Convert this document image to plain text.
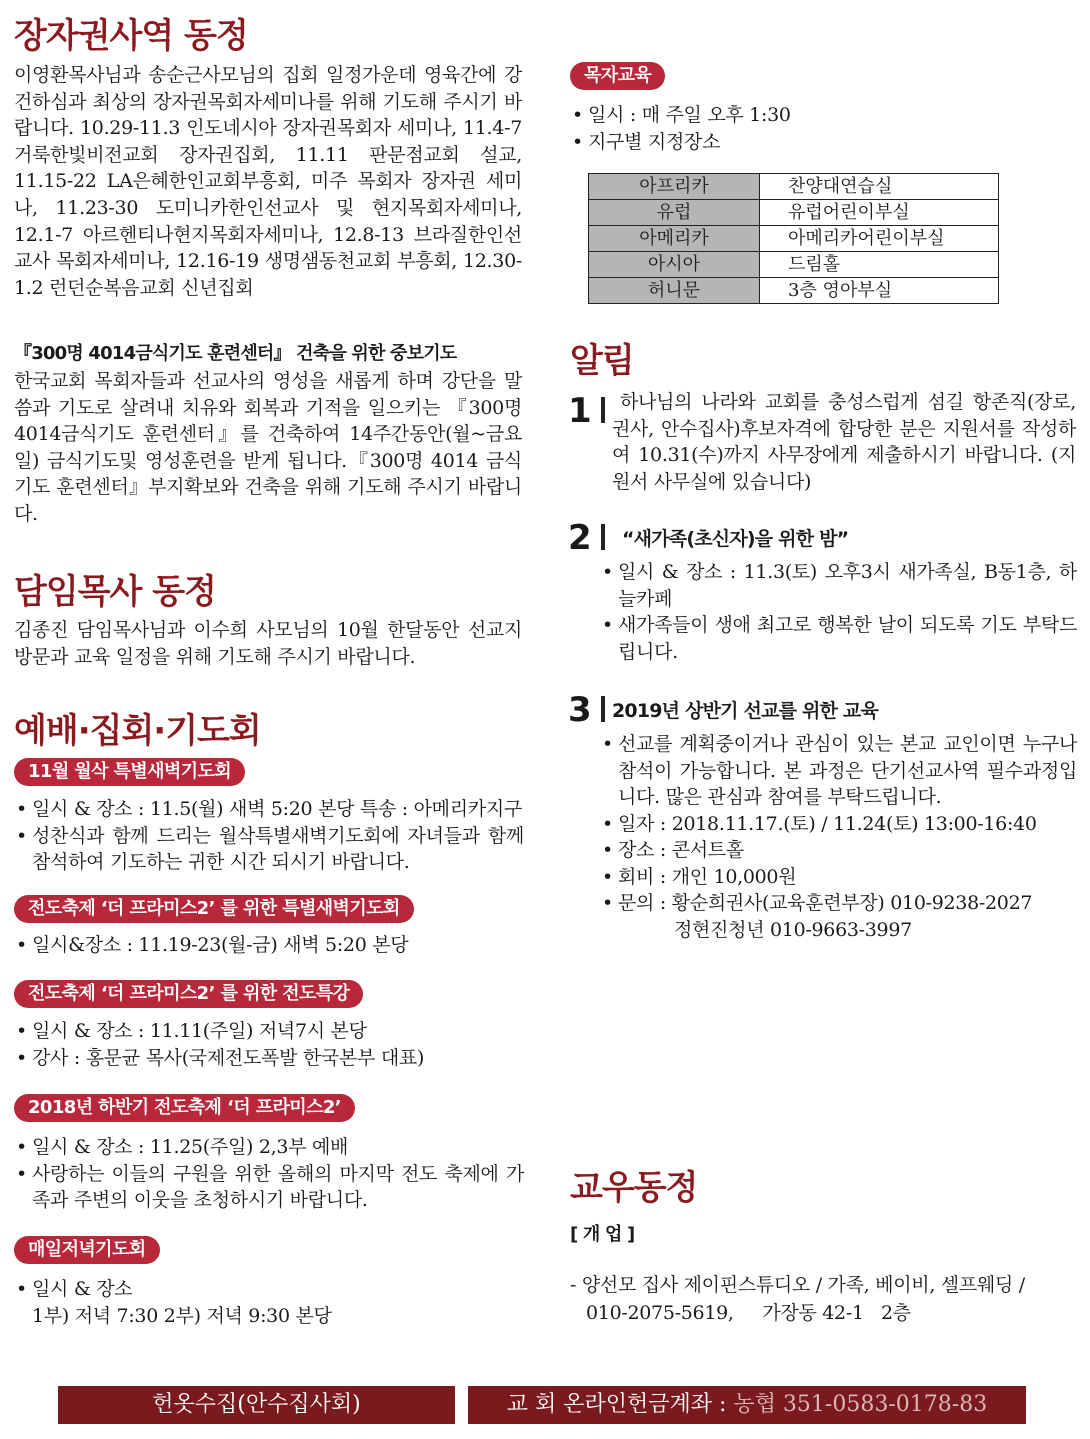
장자권사역 동정
이영환목사님과 송순근사모님의 집회 일정가운데 영육간에 강건하심과 최상의 장자권목회자세미나를 위해 기도해 주시기 바랍니다. 10.29-11.3 인도네시아 장자권목회자 세미나, 11.4-7 거룩한빛비전교회 장자권집회, 11.11 판문점교회 설교, 11.15-22 LA은혜한인교회부흥회, 미주 목회자 장자권 세미나, 11.23-30 도미니카한인선교사 및 현지목회자세미나, 12.1-7 아르헨티나현지목회자세미나, 12.8-13 브라질한인선교사 목회자세미나, 12.16-19 생명샘동천교회 부흥회, 12.30-1.2 런던순복음교회 신년집회
『300명 4014금식기도 훈련센터』 건축을 위한 중보기도
한국교회 목회자들과 선교사의 영성을 새롭게 하며 강단을 말씀과 기도로 살려내 치유와 회복과 기적을 일으키는 『300명 4014금식기도 훈련센터』를 건축하여 14주간동안(월~금요일) 금식기도및 영성훈련을 받게 됩니다.『300명 4014 금식기도 훈련센터』부지확보와 건축을 위해 기도해 주시기 바랍니다.
담임목사 동정
김종진 담임목사님과 이수희 사모님의 10월 한달동안 선교지 방문과 교육 일정을 위해 기도해 주시기 바랍니다.
예배·집회·기도회
11월 월삭 특별새벽기도회
• 일시 & 장소 : 11.5(월) 새벽 5:20 본당 특송 : 아메리카지구
• 성찬식과 함께 드리는 월삭특별새벽기도회에 자녀들과 함께 참석하여 기도하는 귀한 시간 되시기 바랍니다.
전도축제 ‘더 프라미스2’ 를 위한 특별새벽기도회
• 일시&장소 : 11.19-23(월-금) 새벽 5:20 본당
전도축제 ‘더 프라미스2’ 를 위한 전도특강
• 일시 & 장소 : 11.11(주일) 저녁7시 본당
• 강사 : 홍문균 목사(국제전도폭발 한국본부 대표)
2018년 하반기 전도축제 ‘더 프라미스2’
• 일시 & 장소 : 11.25(주일) 2,3부 예배
• 사랑하는 이들의 구원을 위한 올해의 마지막 전도 축제에 가족과 주변의 이웃을 초청하시기 바랍니다.
매일저녁기도회
• 일시 & 장소
1부) 저녁 7:30 2부) 저녁 9:30 본당
목자교육
• 일시 : 매 주일 오후 1:30
• 지구별 지정장소
아프리카	찬양대연습실
유럽	유럽어린이부실
아메리카	아메리카어린이부실
아시아	드림홀
허니문	3층 영아부실
알림
1	하나님의 나라와 교회를 충성스럽게 섬길 항존직(장로,권사, 안수집사)후보자격에 합당한 분은 지원서를 작성하여 10.31(수)까지 사무장에게 제출하시기 바랍니다. (지원서 사무실에 있습니다)
2 “새가족(초신자)을 위한 밤”
• 일시 & 장소 : 11.3(토) 오후3시 새가족실, B동1층, 하늘카페
• 새가족들이 생애 최고로 행복한 날이 되도록 기도 부탁드립니다.
3 2019년 상반기 선교를 위한 교육
• 선교를 계획중이거나 관심이 있는 본교 교인이면 누구나 참석이 가능합니다. 본 과정은 단기선교사역 필수과정입니다. 많은 관심과 참여를 부탁드립니다.
• 일자 : 2018.11.17.(토) / 11.24(토) 13:00-16:40
• 장소 : 콘서트홀
• 회비 : 개인 10,000원
• 문의 : 황순희권사(교육훈련부장) 010-9238-2027
정현진청년 010-9663-3997
교우동정
[ 개 업 ]
- 양선모 집사 제이핀스튜디오 / 가족, 베이비, 셀프웨딩 /
010-2075-5619,     가장동 42-1   2층
헌옷수집(안수집사회)	교 회 온라인헌금계좌 : 농협 351-0583-0178-83
